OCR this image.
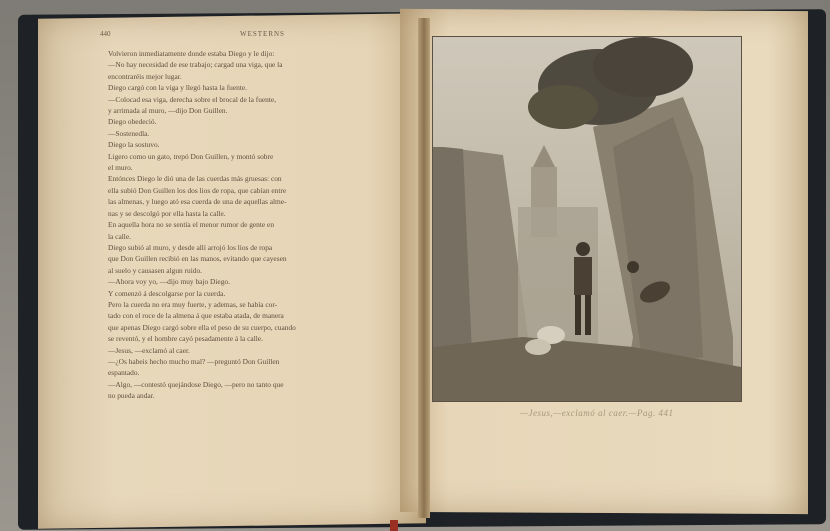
440	WESTERNS

Volvieron inmediatamente donde estaba Diego y le dijo:

—No hay necesidad de ese trabajo; cargad una viga, que la

encontraréis mejor lugar.

Diego cargó con la viga y llegó hasta la fuente.

—Colocad esa viga, derecha sobre el brocal de la fuente,

y arrimada al muro, —dijo Don Guillen.

Diego obedeció.

—Sostenedla.

Diego la sostuvo.

Ligero como un gato, trepó Don Guillen, y montó sobre

el muro.

Entónces Diego le dió una de las cuerdas más gruesas: con

ella subió Don Guillen los dos lios de ropa, que cabían entre

las almenas, y luego ató esa cuerda de una de aquellas alme-

nas y se descolgó por ella hasta la calle.

En aquella hora no se sentía el menor rumor de gente en

la calle.

Diego subió al muro, y desde allí arrojó los lios de ropa

que Don Guillen recibió en las manos, evitando que cayesen

al suelo y causasen algun ruido.

—Ahora voy yo, —dijo muy bajo Diego.

Y comenzó á descolgarse por la cuerda.

Pero la cuerda no era muy fuerte, y ademas, se había cor-

tado con el roce de la almena á que estaba atada, de manera

que apenas Diego cargó sobre ella el peso de su cuerpo, cuando

se reventó, y el hombre cayó pesadamente á la calle.

—Jesus, —exclamó al caer.

—¿Os habeis hecho mucho mal? —preguntó Don Guillen

espantado.

—Algo, —contestó quejándose Diego, —pero no tanto que

no pueda andar.

—Jesus,—exclamó al caer.—Pag. 441
